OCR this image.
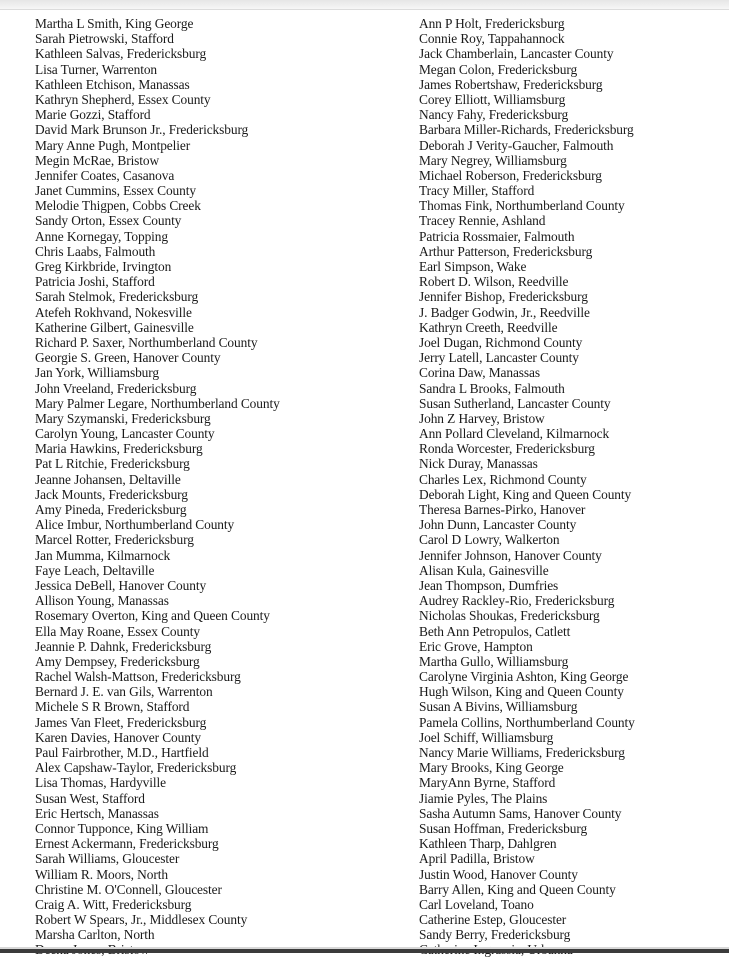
Martha L Smith, King George
Sarah Pietrowski, Stafford
Kathleen Salvas, Fredericksburg
Lisa Turner, Warrenton
Kathleen Etchison, Manassas
Kathryn Shepherd, Essex County
Marie Gozzi, Stafford
David Mark Brunson Jr., Fredericksburg
Mary Anne Pugh, Montpelier
Megin McRae, Bristow
Jennifer Coates, Casanova
Janet Cummins, Essex County
Melodie Thigpen, Cobbs Creek
Sandy Orton, Essex County
Anne Kornegay, Topping
Chris Laabs, Falmouth
Greg Kirkbride, Irvington
Patricia Joshi, Stafford
Sarah Stelmok, Fredericksburg
Atefeh Rokhvand, Nokesville
Katherine Gilbert, Gainesville
Richard P. Saxer, Northumberland County
Georgie S. Green, Hanover County
Jan York, Williamsburg
John Vreeland, Fredericksburg
Mary Palmer Legare, Northumberland County
Mary Szymanski, Fredericksburg
Carolyn Young, Lancaster County
Maria Hawkins, Fredericksburg
Pat L Ritchie, Fredericksburg
Jeanne Johansen, Deltaville
Jack Mounts, Fredericksburg
Amy Pineda, Fredericksburg
Alice Imbur, Northumberland County
Marcel Rotter, Fredericksburg
Jan Mumma, Kilmarnock
Faye Leach, Deltaville
Jessica DeBell, Hanover County
Allison Young, Manassas
Rosemary Overton, King and Queen County
Ella May Roane, Essex County
Jeannie P. Dahnk, Fredericksburg
Amy Dempsey, Fredericksburg
Rachel Walsh-Mattson, Fredericksburg
Bernard J. E. van Gils, Warrenton
Michele S R Brown, Stafford
James Van Fleet, Fredericksburg
Karen Davies, Hanover County
Paul Fairbrother, M.D., Hartfield
Alex Capshaw-Taylor, Fredericksburg
Lisa Thomas, Hardyville
Susan West, Stafford
Eric Hertsch, Manassas
Connor Tupponce, King William
Ernest Ackermann, Fredericksburg
Sarah Williams, Gloucester
William R. Moors, North
Christine M. O'Connell, Gloucester
Craig A. Witt, Fredericksburg
Robert W Spears, Jr., Middlesex County
Marsha Carlton, North
Ann P Holt, Fredericksburg
Connie Roy, Tappahannock
Jack Chamberlain, Lancaster County
Megan Colon, Fredericksburg
James Robertshaw, Fredericksburg
Corey Elliott, Williamsburg
Nancy Fahy, Fredericksburg
Barbara Miller-Richards, Fredericksburg
Deborah J Verity-Gaucher, Falmouth
Mary Negrey, Williamsburg
Michael Roberson, Fredericksburg
Tracy Miller, Stafford
Thomas Fink, Northumberland County
Tracey Rennie, Ashland
Patricia Rossmaier, Falmouth
Arthur Patterson, Fredericksburg
Earl Simpson, Wake
Robert D. Wilson, Reedville
Jennifer Bishop, Fredericksburg
J. Badger Godwin, Jr., Reedville
Kathryn Creeth, Reedville
Joel Dugan, Richmond County
Jerry Latell, Lancaster County
Corina Daw, Manassas
Sandra L Brooks, Falmouth
Susan Sutherland, Lancaster County
John Z Harvey, Bristow
Ann Pollard Cleveland, Kilmarnock
Ronda Worcester, Fredericksburg
Nick Duray, Manassas
Charles Lex, Richmond County
Deborah Light, King and Queen County
Theresa Barnes-Pirko, Hanover
John Dunn, Lancaster County
Carol D Lowry, Walkerton
Jennifer Johnson, Hanover County
Alisan Kula, Gainesville
Jean Thompson, Dumfries
Audrey Rackley-Rio, Fredericksburg
Nicholas Shoukas, Fredericksburg
Beth Ann Petropulos, Catlett
Eric Grove, Hampton
Martha Gullo, Williamsburg
Carolyne Virginia Ashton, King George
Hugh Wilson, King and Queen County
Susan A Bivins, Williamsburg
Pamela Collins, Northumberland County
Joel Schiff, Williamsburg
Nancy Marie Williams, Fredericksburg
Mary Brooks, King George
MaryAnn Byrne, Stafford
Jiamie Pyles, The Plains
Sasha Autumn Sams, Hanover County
Susan Hoffman, Fredericksburg
Kathleen Tharp, Dahlgren
April Padilla, Bristow
Justin Wood, Hanover County
Barry Allen, King and Queen County
Carl Loveland, Toano
Catherine Estep, Gloucester
Sandy Berry, Fredericksburg
